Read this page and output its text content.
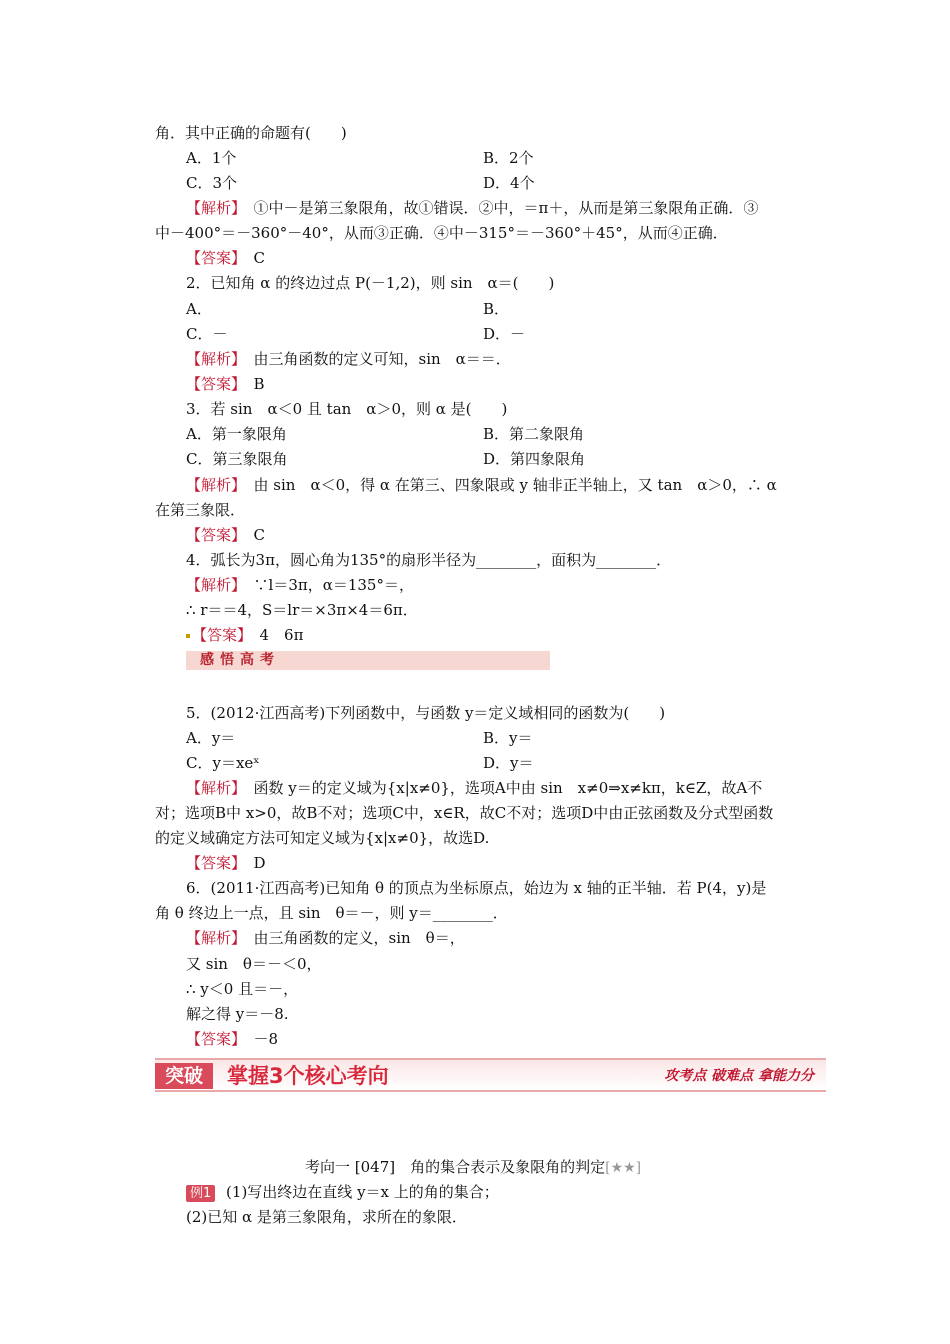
角．其中正确的命题有(　　)
A．1个	B．2个
C．3个	D．4个
【解析】　①中－是第三象限角，故①错误．②中，＝π＋，从而是第三象限角正确．③
中－400°＝－360°－40°，从而③正确．④中－315°＝－360°＋45°，从而④正确．
【答案】　C
2．已知角 α 的终边过点 P(－1,2)，则 sin　α＝(　　)
A．	B．
C．－	D．－
【解析】　由三角函数的定义可知，sin　α＝＝．
【答案】　B
3．若 sin　α＜0 且 tan　α＞0，则 α 是(　　)
A．第一象限角	B．第二象限角
C．第三象限角	D．第四象限角
【解析】　由 sin　α＜0，得 α 在第三、四象限或 y 轴非正半轴上，又 tan　α＞0，∴ α
在第三象限．
【答案】　C
4．弧长为3π，圆心角为135°的扇形半径为________，面积为________．
【解析】　∵l＝3π，α＝135°＝，
∴ r＝＝4，S＝lr＝×3π×4＝6π．
【答案】　4　6π
5．(2012·江西高考)下列函数中，与函数 y＝定义域相同的函数为(　　)
A．y＝	B．y＝
C．y＝xeˣ	D．y＝
【解析】　函数 y＝的定义域为{x|x≠0}，选项A中由 sin　x≠0⇒x≠kπ，k∈Z，故A不
对；选项B中 x>0，故B不对；选项C中，x∈R，故C不对；选项D中由正弦函数及分式型函数
的定义域确定方法可知定义域为{x|x≠0}，故选D.
【答案】　D
6．(2011·江西高考)已知角 θ 的顶点为坐标原点，始边为 x 轴的正半轴．若 P(4，y)是
角 θ 终边上一点，且 sin　θ＝－，则 y＝________．
【解析】　由三角函数的定义，sin　θ＝，
又 sin　θ＝－＜0，
∴ y＜0 且＝－，
解之得 y＝－8.
【答案】　－8
考向一 [047]　角的集合表示及象限角的判定[★★]
例1 (1)写出终边在直线 y＝x 上的角的集合；
(2)已知 α 是第三象限角，求所在的象限．
感悟高考
突破	掌握3个核心考向	攻考点 破难点 拿能力分
